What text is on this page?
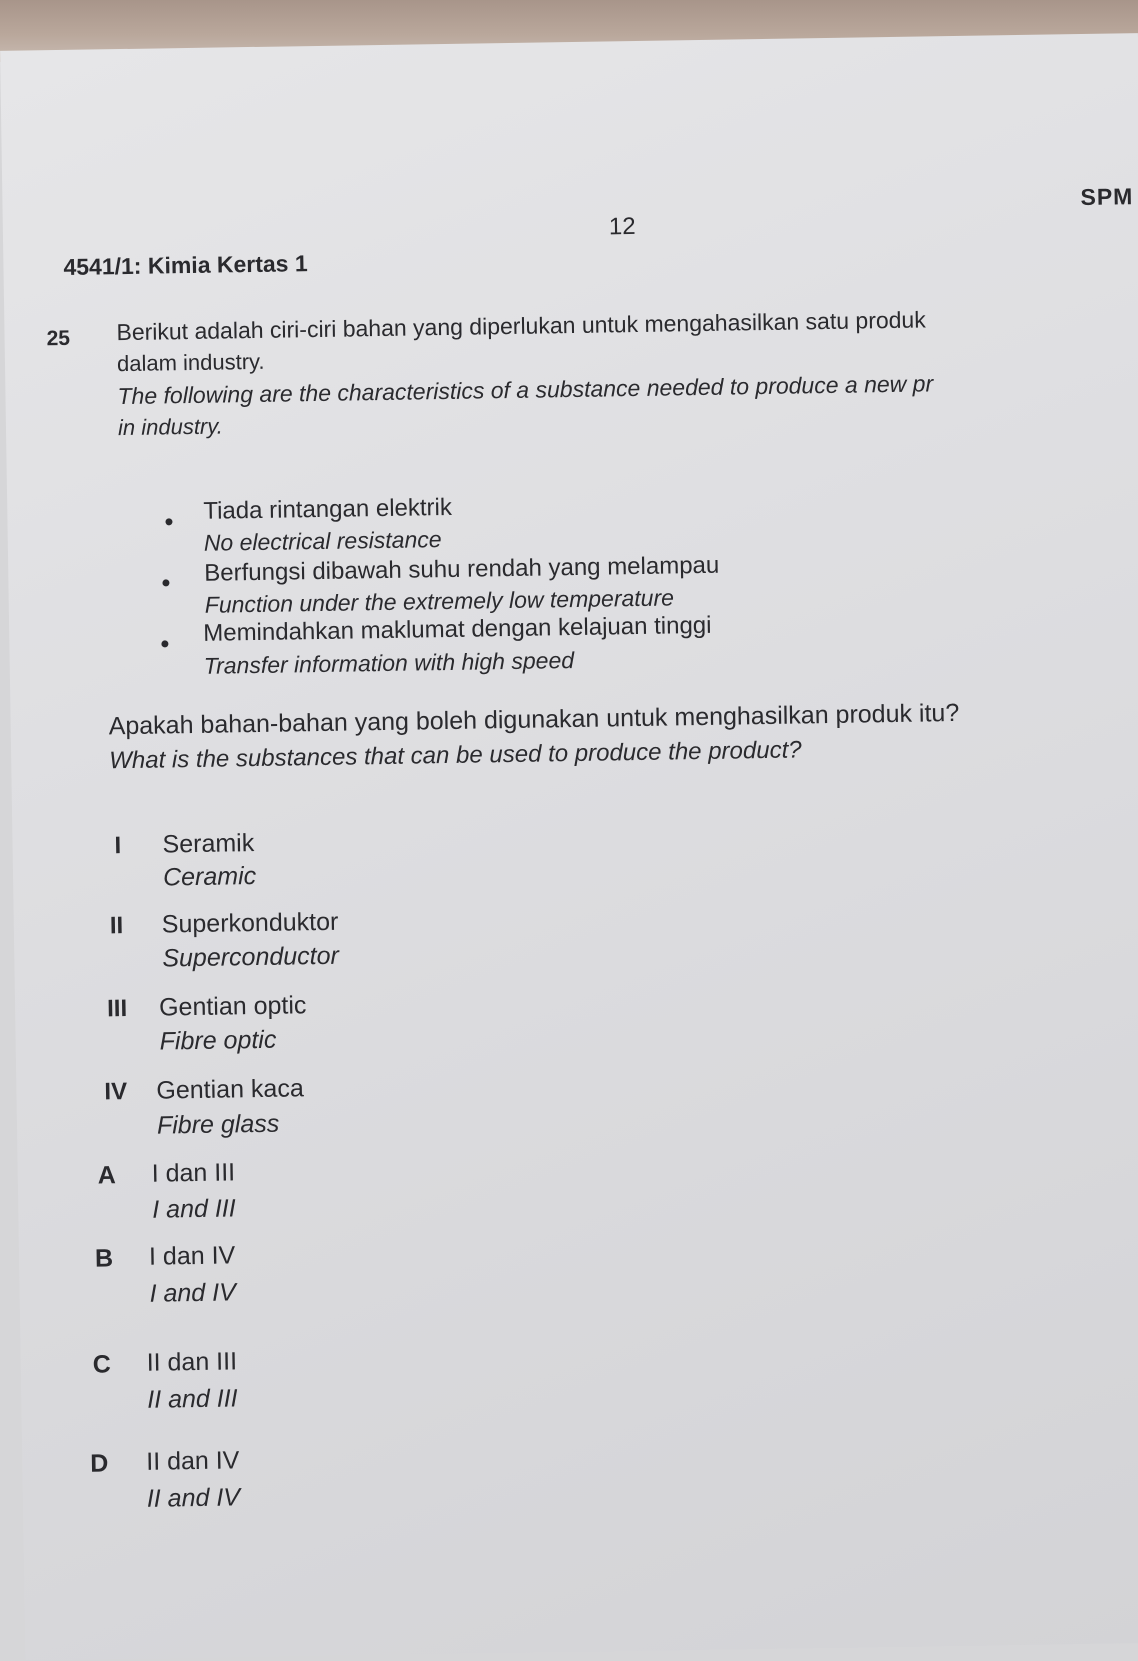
12
SPM
4541/1: Kimia Kertas 1
25 Berikut adalah ciri-ciri bahan yang diperlukan untuk mengahasilkan satu produk
dalam industry.
The following are the characteristics of a substance needed to produce a new pr
in industry.
Tiada rintangan elektrik
No electrical resistance
Berfungsi dibawah suhu rendah yang melampau
Function under the extremely low temperature
Memindahkan maklumat dengan kelajuan tinggi
Transfer information with high speed
Apakah bahan-bahan yang boleh digunakan untuk menghasilkan produk itu?
What is the substances that can be used to produce the product?
I Seramik
Ceramic
II Superkonduktor
Superconductor
III Gentian optic
Fibre optic
IV Gentian kaca
Fibre glass
A I dan III
I and III
B I dan IV
I and IV
C II dan III
II and III
D II dan IV
II and IV
